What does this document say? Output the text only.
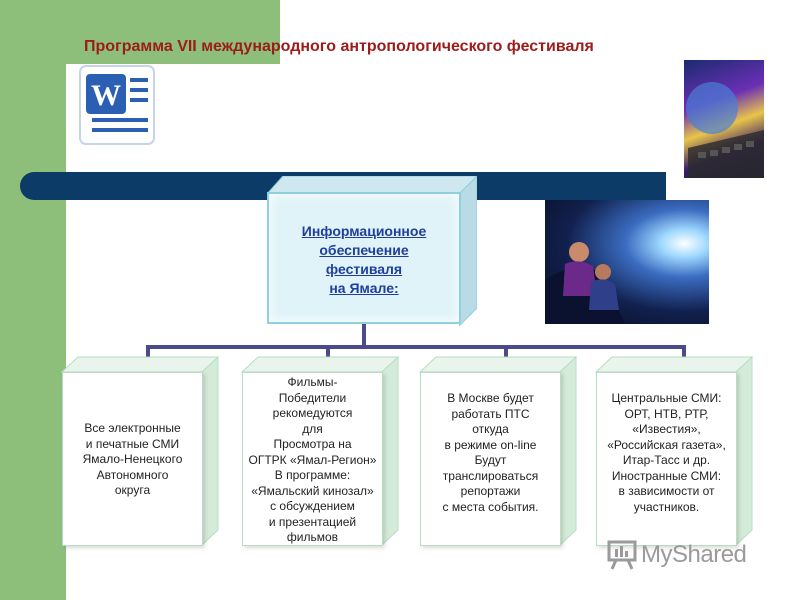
Программа VII международного антропологического фестиваля
W
Информационное
обеспечение
фестиваля
на Ямале:
Все электронные
и печатные СМИ
Ямало-Ненецкого
Автономного
округа
Фильмы-
Победители
рекомедуются
для
Просмотра на
ОГТРК «Ямал-Регион»
В программе:
«Ямальский кинозал»
с обсуждением
и презентацией
фильмов
В Москве будет
работать ПТС
откуда
в режиме on-line
Будут
транслироваться
репортажи
с места события.
Центральные СМИ:
ОРТ, НТВ, РТР,
«Известия»,
«Российская газета»,
Итар-Тасс и др.
Иностранные СМИ:
в зависимости от
участников.
MyShared
